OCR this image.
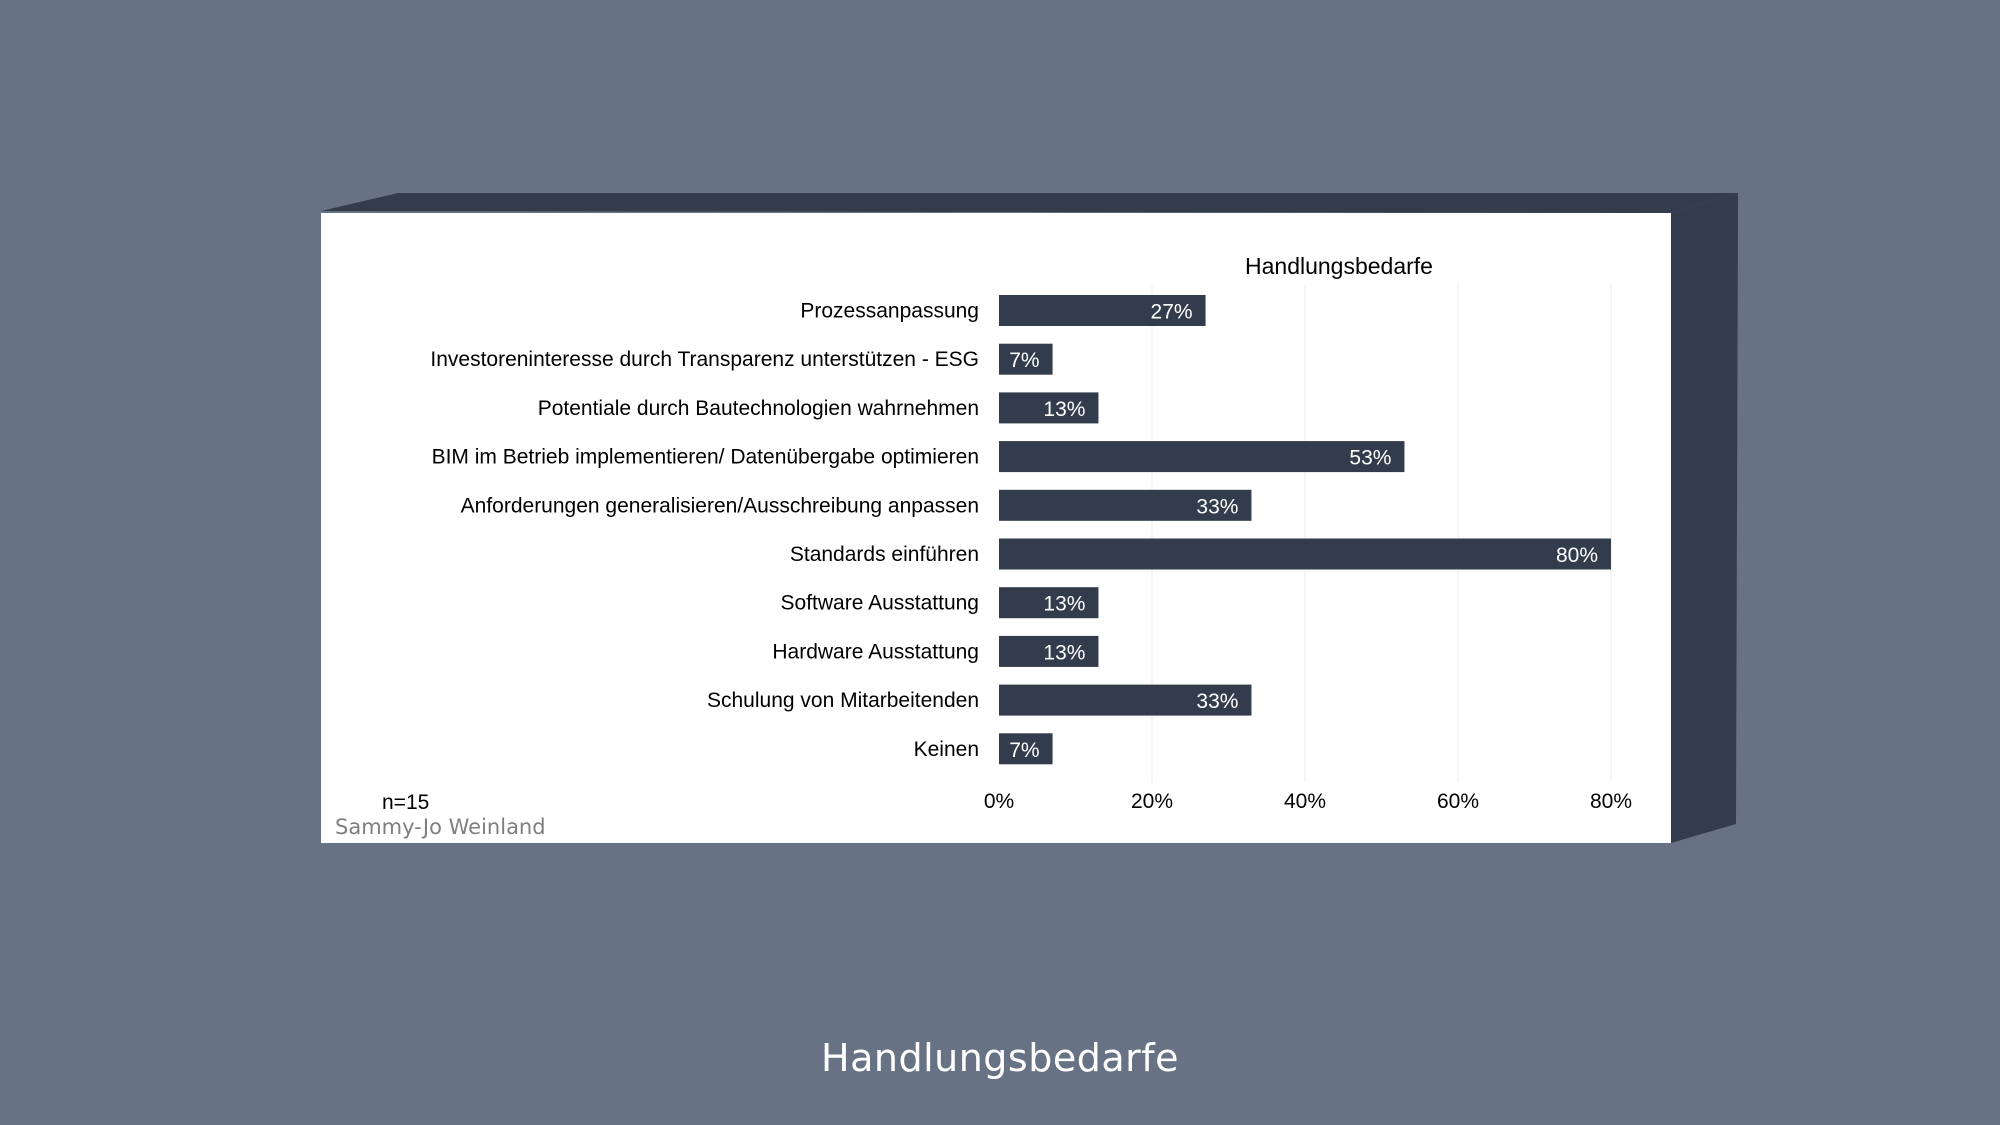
27%
7%
13%
53%
33%
80%
13%
13%
33%
7%
Prozessanpassung
Investoreninteresse durch Transparenz unterstützen - ESG
Potentiale durch Bautechnologien wahrnehmen
BIM im Betrieb implementieren/ Datenübergabe optimieren
Anforderungen generalisieren/Ausschreibung anpassen
Standards einführen
Software Ausstattung
Hardware Ausstattung
Schulung von Mitarbeitenden
Keinen
0%	20%	40%	60%	80%
Handlungsbedarfe
n=15
Sammy-Jo Weinland
Handlungsbedarfe
